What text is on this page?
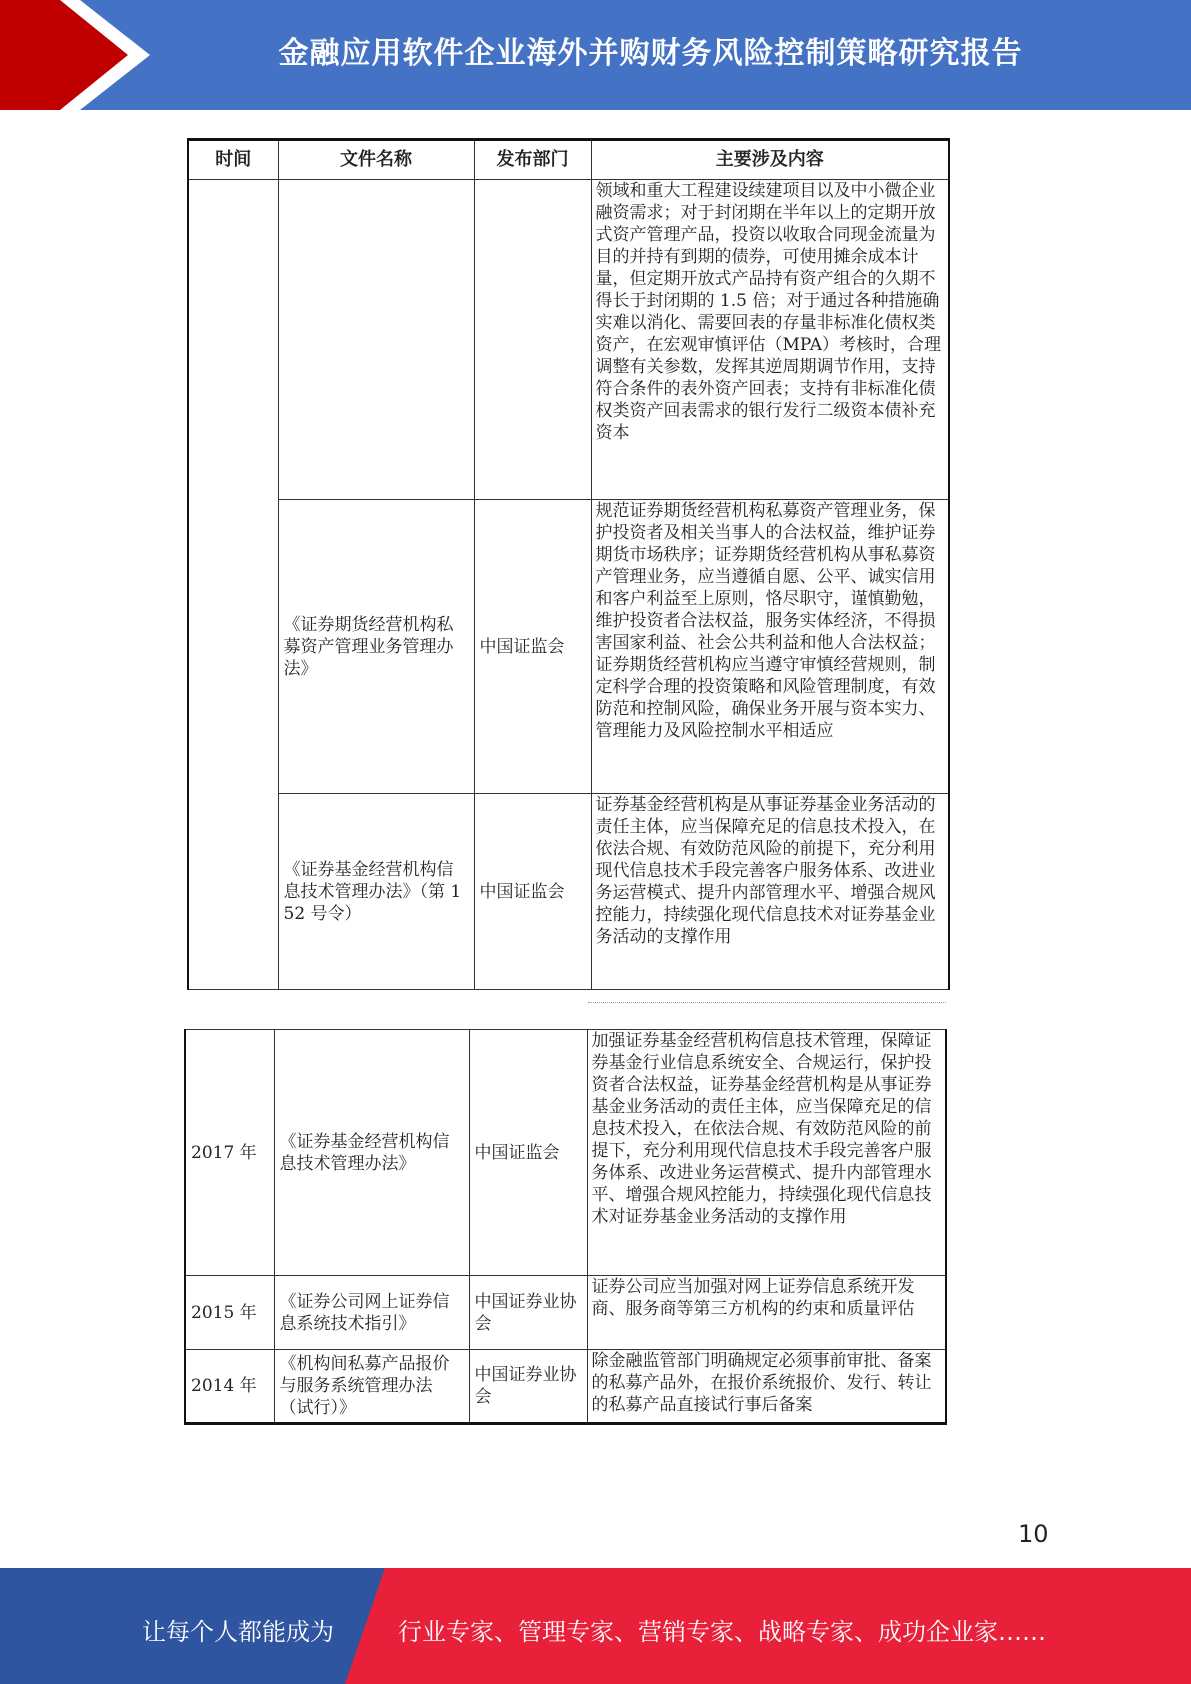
金融应用软件企业海外并购财务风险控制策略研究报告
时间	文件名称	发布部门	主要涉及内容
			领域和重大工程建设续建项目以及中小微企业融资需求；对于封闭期在半年以上的定期开放式资产管理产品，投资以收取合同现金流量为目的并持有到期的债券，可使用摊余成本计量，但定期开放式产品持有资产组合的久期不得长于封闭期的 1.5 倍；对于通过各种措施确实难以消化、需要回表的存量非标准化债权类资产，在宏观审慎评估（MPA）考核时，合理调整有关参数，发挥其逆周期调节作用，支持符合条件的表外资产回表；支持有非标准化债权类资产回表需求的银行发行二级资本债补充资本
	《证券期货经营机构私募资产管理业务管理办法》	中国证监会	规范证券期货经营机构私募资产管理业务，保护投资者及相关当事人的合法权益，维护证券期货市场秩序；证券期货经营机构从事私募资产管理业务，应当遵循自愿、公平、诚实信用和客户利益至上原则，恪尽职守，谨慎勤勉，维护投资者合法权益，服务实体经济，不得损害国家利益、社会公共利益和他人合法权益；证券期货经营机构应当遵守审慎经营规则，制定科学合理的投资策略和风险管理制度，有效防范和控制风险，确保业务开展与资本实力、管理能力及风险控制水平相适应
	《证券基金经营机构信息技术管理办法》（第 152 号令）	中国证监会	证券基金经营机构是从事证券基金业务活动的责任主体，应当保障充足的信息技术投入，在依法合规、有效防范风险的前提下，充分利用现代信息技术手段完善客户服务体系、改进业务运营模式、提升内部管理水平、增强合规风控能力，持续强化现代信息技术对证券基金业务活动的支撑作用
2017 年	《证券基金经营机构信息技术管理办法》	中国证监会	加强证券基金经营机构信息技术管理，保障证券基金行业信息系统安全、合规运行，保护投资者合法权益，证券基金经营机构是从事证券基金业务活动的责任主体，应当保障充足的信息技术投入，在依法合规、有效防范风险的前提下，充分利用现代信息技术手段完善客户服务体系、改进业务运营模式、提升内部管理水平、增强合规风控能力，持续强化现代信息技术对证券基金业务活动的支撑作用
2015 年	《证券公司网上证券信息系统技术指引》	中国证券业协会	证券公司应当加强对网上证券信息系统开发商、服务商等第三方机构的约束和质量评估
2014 年	《机构间私募产品报价与服务系统管理办法（试行）》	中国证券业协会	除金融监管部门明确规定必须事前审批、备案的私募产品外，在报价系统报价、发行、转让的私募产品直接试行事后备案
10
让每个人都能成为	行业专家、管理专家、营销专家、战略专家、成功企业家……
